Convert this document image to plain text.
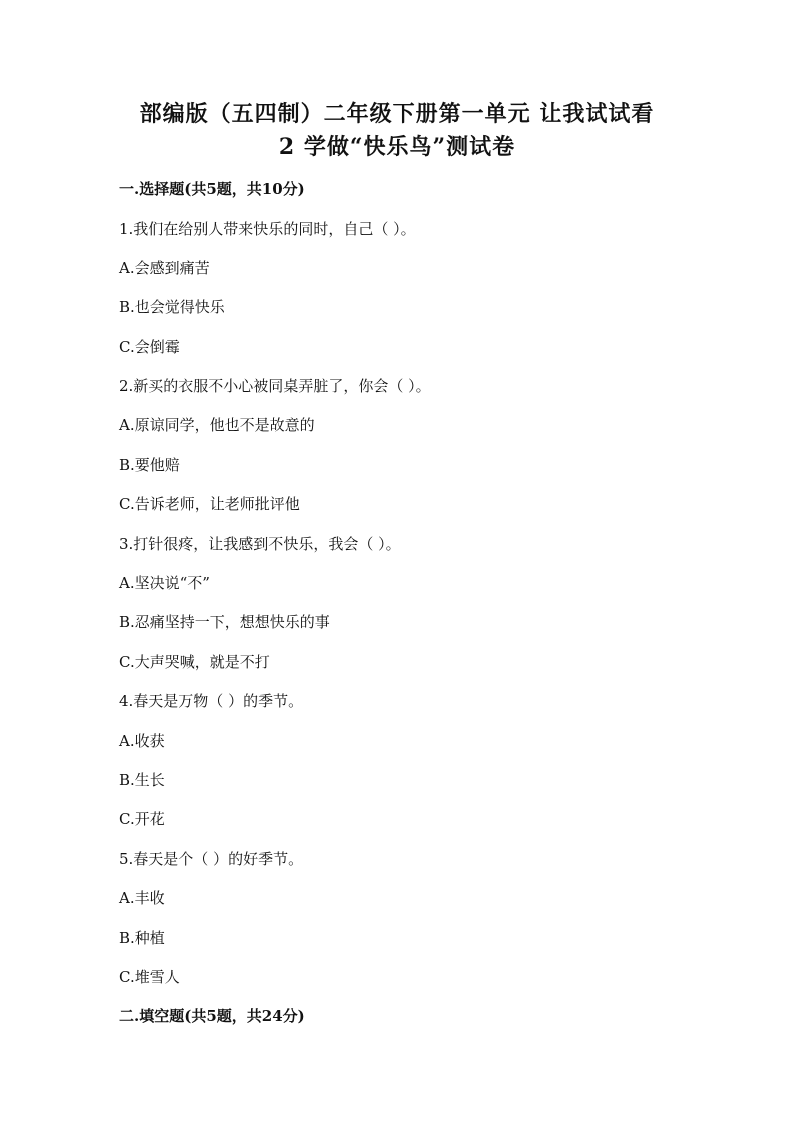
部编版（五四制）二年级下册第一单元 让我试试看
2 学做“快乐鸟”测试卷
一.选择题(共5题，共10分)
1.我们在给别人带来快乐的同时，自己（ ）。
A.会感到痛苦
B.也会觉得快乐
C.会倒霉
2.新买的衣服不小心被同桌弄脏了，你会（ ）。
A.原谅同学，他也不是故意的
B.要他赔
C.告诉老师，让老师批评他
3.打针很疼，让我感到不快乐，我会（ ）。
A.坚决说“不”
B.忍痛坚持一下，想想快乐的事
C.大声哭喊，就是不打
4.春天是万物（ ）的季节。
A.收获
B.生长
C.开花
5.春天是个（ ）的好季节。
A.丰收
B.种植
C.堆雪人
二.填空题(共5题，共24分)
